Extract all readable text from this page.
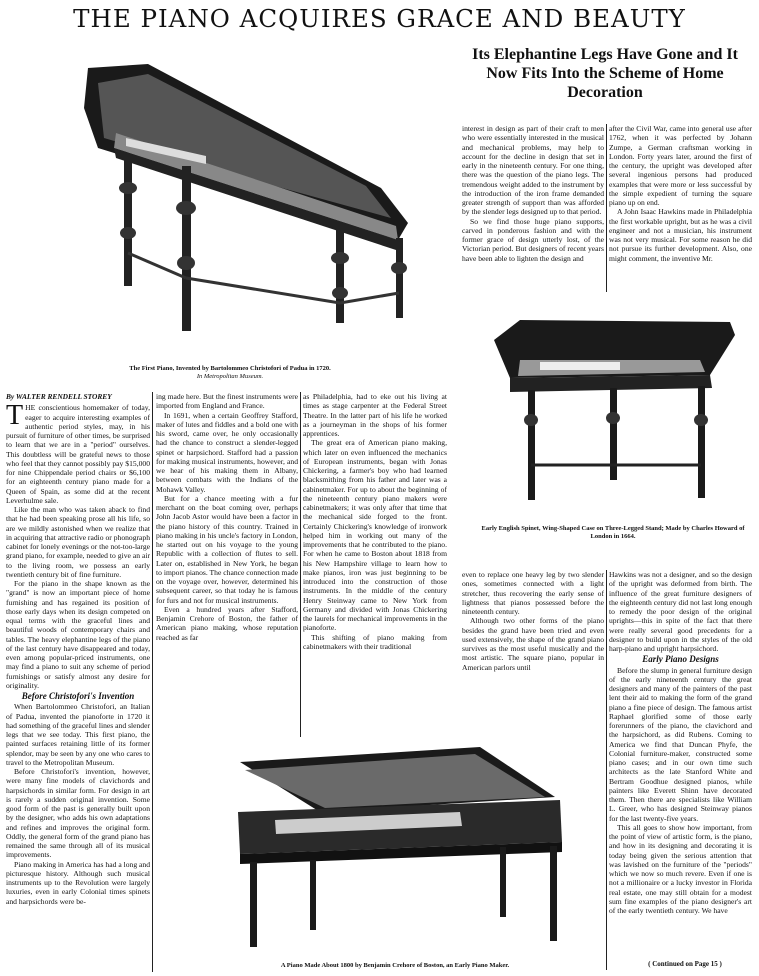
THE PIANO ACQUIRES GRACE AND BEAUTY
Its Elephantine Legs Have Gone and It Now Fits Into the Scheme of Home Decoration
The First Piano, Invented by Bartolommeo Christofori of Padua in 1720.
In Metropolitan Museum.
By WALTER RENDELL STOREY

THE conscientious homemaker of today, eager to acquire interesting examples of authentic period styles, may, in his pursuit of furniture of other times, be surprised to learn that we are in a "period" ourselves. This doubtless will be grateful news to those who feel that they cannot possibly pay $15,000 for nine Chippendale period chairs or $6,100 for an eighteenth century piano made for a Queen of Spain, as some did at the recent Leverhulme sale.

Like the man who was taken aback to find that he had been speaking prose all his life, so are we mildly astonished when we realize that in acquiring that attractive radio or phonograph cabinet for lonely evenings or the not-too-large grand piano, for example, needed to give an air to the living room, we possess an early twentieth century bit of fine furniture.

For the piano in the shape known as the "grand" is now an important piece of home furnishing and has regained its position of those early days when its design competed on equal terms with the graceful lines and beautiful woods of contemporary chairs and tables. The heavy elephantine legs of the piano of the last century have disappeared and today, even among popular-priced instruments, one may find a piano to suit any scheme of period furnishings or satisfy almost any desire for originality.

Before Christofori's Invention

When Bartolommeo Christofori, an Italian of Padua, invented the pianoforte in 1720 it had something of the graceful lines and slender legs that we see today. This first piano, the painted surfaces retaining little of its former splendor, may be seen by any one who cares to travel to the Metropolitan Museum.

Before Christofori's invention, however, were many fine models of clavichords and harpsichords in similar form. For design in art is rarely a sudden original invention. Some good form of the past is generally built upon by the designer, who adds his own adaptations and refines and improves the original form. Oddly, the general form of the grand piano has remained the same through all of its musical improvements.

Piano making in America has had a long and picturesque history. Although such musical instruments up to the Revolution were largely luxuries, even in early Colonial times spinets and harpsichords were be-

ing made here. But the finest instruments were imported from England and France.

In 1691, when a certain Geoffrey Stafford, maker of lutes and fiddles and a bold one with his sword, came over, he only occasionally had the chance to construct a slender-legged spinet or harpsichord. Stafford had a passion for making musical instruments, however, and we hear of his making them in Albany, between combats with the Indians of the Mohawk Valley.

But for a chance meeting with a fur merchant on the boat coming over, perhaps John Jacob Astor would have been a factor in the piano history of this country. Trained in piano making in his uncle's factory in London, he started out on his voyage to the young Republic with a collection of flutes to sell. Later on, established in New York, he began to import pianos. The chance connection made on the voyage over, however, determined his subsequent career, so that today he is famous for furs and not for musical instruments.

Even a hundred years after Stafford, Benjamin Crehore of Boston, the father of American piano making, whose reputation reached as far

as Philadelphia, had to eke out his living at times as stage carpenter at the Federal Street Theatre. In the latter part of his life he worked as a journeyman in the shops of his former apprentices.

The great era of American piano making, which later on even influenced the mechanics of European instruments, began with Jonas Chickering, a farmer's boy who had learned blacksmithing from his father and later was a cabinetmaker. For up to about the beginning of the nineteenth century piano makers were cabinetmakers; it was only after that time that the mechanical side forged to the front. Certainly Chickering's knowledge of ironwork helped him in working out many of the improvements that he contributed to the piano. For when he came to Boston about 1818 from his New Hampshire village to learn how to make pianos, iron was just beginning to be introduced into the construction of those instruments. In the middle of the century Henry Steinway came to New York from Germany and divided with Jonas Chickering the laurels for mechanical improvements in the pianoforte.

This shifting of piano making from cabinetmakers with their traditional

interest in design as part of their craft to men who were essentially interested in the musical and mechanical problems, may help to account for the decline in design that set in early in the nineteenth century. For one thing, there was the question of the piano legs. The tremendous weight added to the instrument by the introduction of the iron frame demanded greater strength of support than was afforded by the slender legs designed up to that period.

So we find those huge piano supports, carved in ponderous fashion and with the former grace of design utterly lost, of the Victorian period. But designers of recent years have been able to lighten the design and

after the Civil War, came into general use after 1762, when it was perfected by Johann Zumpe, a German craftsman working in London. Forty years later, around the first of the century, the upright was developed after several ingenious persons had produced examples that were more or less successful by the simple expedient of turning the square piano up on end.

A John Isaac Hawkins made in Philadelphia the first workable upright, but as he was a civil engineer and not a musician, his instrument was not very musical. For some reason he did not pursue its further development. Also, one might comment, the inventive Mr.

Early English Spinet, Wing-Shaped Case on Three-Legged Stand; Made by Charles Howard of London in 1664.

even to replace one heavy leg by two slender ones, sometimes connected with a light stretcher, thus recovering the early sense of lightness that pianos possessed before the nineteenth century.

Although two other forms of the piano besides the grand have been tried and even used extensively, the shape of the grand piano survives as the most useful musically and the most artistic. The square piano, popular in American parlors until

Hawkins was not a designer, and so the design of the upright was deformed from birth. The influence of the great furniture designers of the eighteenth century did not last long enough to remedy the poor design of the original uprights—this in spite of the fact that there were really several good precedents for a designer to build upon in the styles of the old harp-piano and upright harpsichord.

Early Piano Designs

Before the slump in general furniture design of the early nineteenth century the great designers and many of the painters of the past lent their aid to making the form of the grand piano a fine piece of design. The famous artist Raphael glorified some of those early forerunners of the piano, the clavichord and the harpsichord, as did Rubens. Coming to America we find that Duncan Phyfe, the Colonial furniture-maker, constructed some piano cases; and in our own time such architects as the late Stanford White and Bertram Goodhue designed pianos, while painters like Everett Shinn have decorated them. Then there are specialists like William L. Greer, who has designed Steinway pianos for the last twenty-five years.

This all goes to show how important, from the point of view of artistic form, is the piano, and how in its designing and decorating it is today being given the serious attention that was lavished on the furniture of the "periods" which we now so much revere. Even if one is not a millionaire or a lucky investor in Florida real estate, one may still obtain for a modest sum fine examples of the piano designer's art of the early twentieth century. We have

( Continued on Page 15 )
A Piano Made About 1800 by Benjamin Crehore of Boston, an Early Piano Maker.
